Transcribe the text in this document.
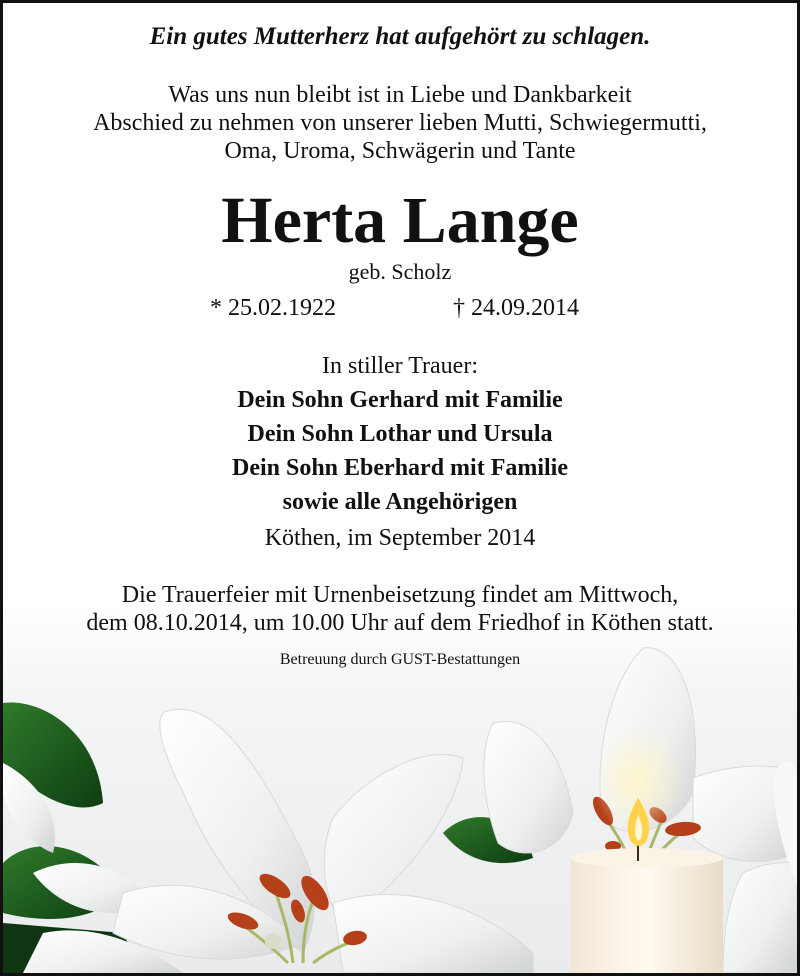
Ein gutes Mutterherz hat aufgehört zu schlagen.
Was uns nun bleibt ist in Liebe und Dankbarkeit
Abschied zu nehmen von unserer lieben Mutti, Schwiegermutti,
Oma, Uroma, Schwägerin und Tante
Herta Lange
geb. Scholz
* 25.02.1922	† 24.09.2014
In stiller Trauer:
Dein Sohn Gerhard mit Familie
Dein Sohn Lothar und Ursula
Dein Sohn Eberhard mit Familie
sowie alle Angehörigen
Köthen, im September 2014
Die Trauerfeier mit Urnenbeisetzung findet am Mittwoch,
dem 08.10.2014, um 10.00 Uhr auf dem Friedhof in Köthen statt.
Betreuung durch GUST-Bestattungen
